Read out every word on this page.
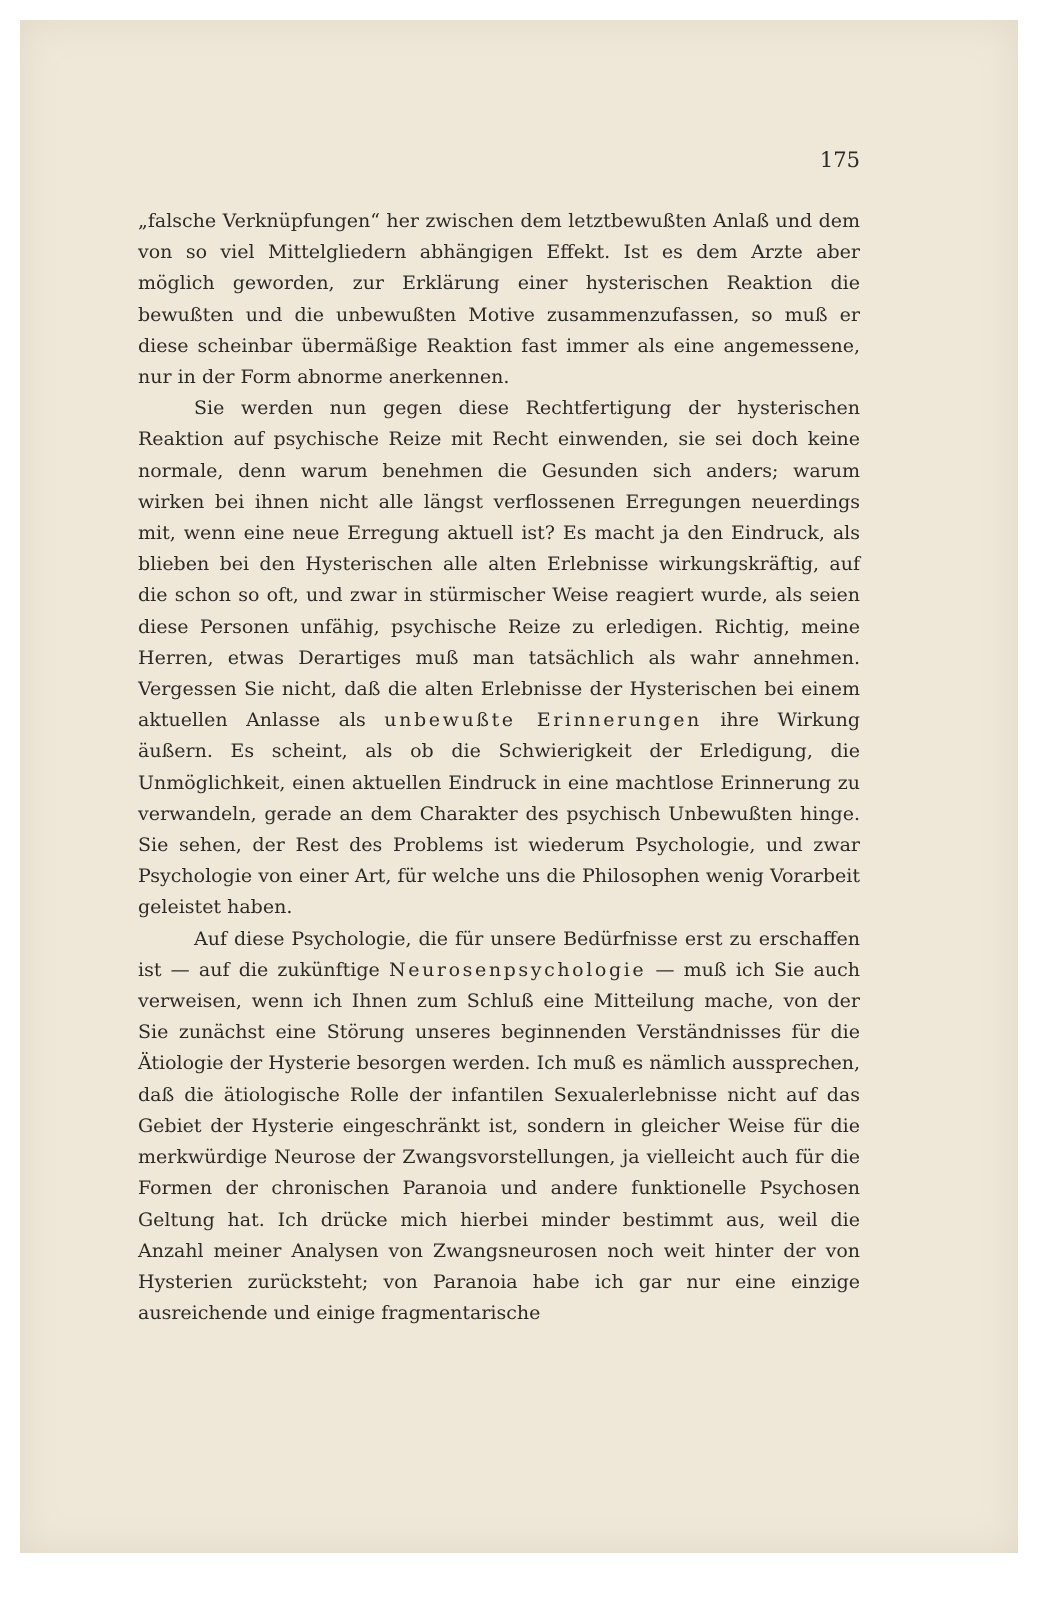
175

„falsche Verknüpfungen“ her zwischen dem letztbewußten Anlaß und dem von so viel Mittelgliedern abhängigen Effekt. Ist es dem Arzte aber möglich geworden, zur Erklärung einer hysterischen Reaktion die bewußten und die unbewußten Motive zusammenzufassen, so muß er diese scheinbar übermäßige Reaktion fast immer als eine angemessene, nur in der Form abnorme anerkennen.

Sie werden nun gegen diese Rechtfertigung der hysterischen Reaktion auf psychische Reize mit Recht einwenden, sie sei doch keine normale, denn warum benehmen die Gesunden sich anders; warum wirken bei ihnen nicht alle längst verflossenen Erregungen neuerdings mit, wenn eine neue Erregung aktuell ist? Es macht ja den Eindruck, als blieben bei den Hysterischen alle alten Erlebnisse wirkungskräftig, auf die schon so oft, und zwar in stürmischer Weise reagiert wurde, als seien diese Personen unfähig, psychische Reize zu erledigen. Richtig, meine Herren, etwas Derartiges muß man tatsächlich als wahr annehmen. Vergessen Sie nicht, daß die alten Erlebnisse der Hysterischen bei einem aktuellen Anlasse als unbewußte Erinnerungen ihre Wirkung äußern. Es scheint, als ob die Schwierigkeit der Erledigung, die Unmöglichkeit, einen aktuellen Eindruck in eine machtlose Erinnerung zu verwandeln, gerade an dem Charakter des psychisch Unbewußten hinge. Sie sehen, der Rest des Problems ist wiederum Psychologie, und zwar Psychologie von einer Art, für welche uns die Philosophen wenig Vorarbeit geleistet haben.

Auf diese Psychologie, die für unsere Bedürfnisse erst zu erschaffen ist — auf die zukünftige Neurosenpsychologie — muß ich Sie auch verweisen, wenn ich Ihnen zum Schluß eine Mitteilung mache, von der Sie zunächst eine Störung unseres beginnenden Verständnisses für die Ätiologie der Hysterie besorgen werden. Ich muß es nämlich aussprechen, daß die ätiologische Rolle der infantilen Sexualerlebnisse nicht auf das Gebiet der Hysterie eingeschränkt ist, sondern in gleicher Weise für die merkwürdige Neurose der Zwangsvorstellungen, ja vielleicht auch für die Formen der chronischen Paranoia und andere funktionelle Psychosen Geltung hat. Ich drücke mich hierbei minder bestimmt aus, weil die Anzahl meiner Analysen von Zwangsneurosen noch weit hinter der von Hysterien zurücksteht; von Paranoia habe ich gar nur eine einzige ausreichende und einige fragmentarische
